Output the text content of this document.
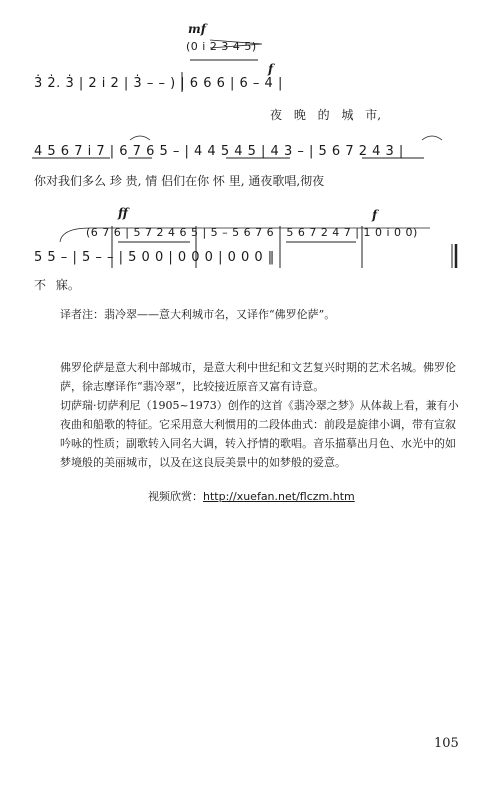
mf
(0 i 2 3 4 5)
f
3̇ 2̇. 3̇ | 2 i 2 | 3̇ – – ) | 6 6 6 | 6 – 4 |
夜 晚 的 城 市,
4 5 6 7 i 7 | 6 7 6 5 – | 4 4 5 4 5 | 4 3 – | 5 6 7 2 4 3 |
你对我们多么 珍 贵, 情 侣们在你 怀 里, 通夜歌唱,彻夜
ff	f
(6 7 6 | 5 7 2 4 6 5 | 5 – 5 6 7 6 | 5 6 7 2 4 7 | 1 0 i 0 0)
5 5 – | 5 – – | 5 0 0 | 0 0 0 | 0 0 0 ‖
不 寐。
译者注：翡冷翠——意大利城市名，又译作“佛罗伦萨”。
佛罗伦萨是意大利中部城市，是意大利中世纪和文艺复兴时期的艺术名城。佛罗伦萨，徐志摩译作“翡冷翠”，比较接近原音又富有诗意。
切萨瑞·切萨利尼（1905~1973）创作的这首《翡冷翠之梦》从体裁上看，兼有小夜曲和船歌的特征。它采用意大利惯用的二段体曲式：前段是旋律小调，带有宣叙吟咏的性质；副歌转入同名大调，转入抒情的歌唱。音乐描摹出月色、水光中的如梦境般的美丽城市，以及在这良辰美景中的如梦般的爱意。
视频欣赏：http://xuefan.net/flczm.htm
105
